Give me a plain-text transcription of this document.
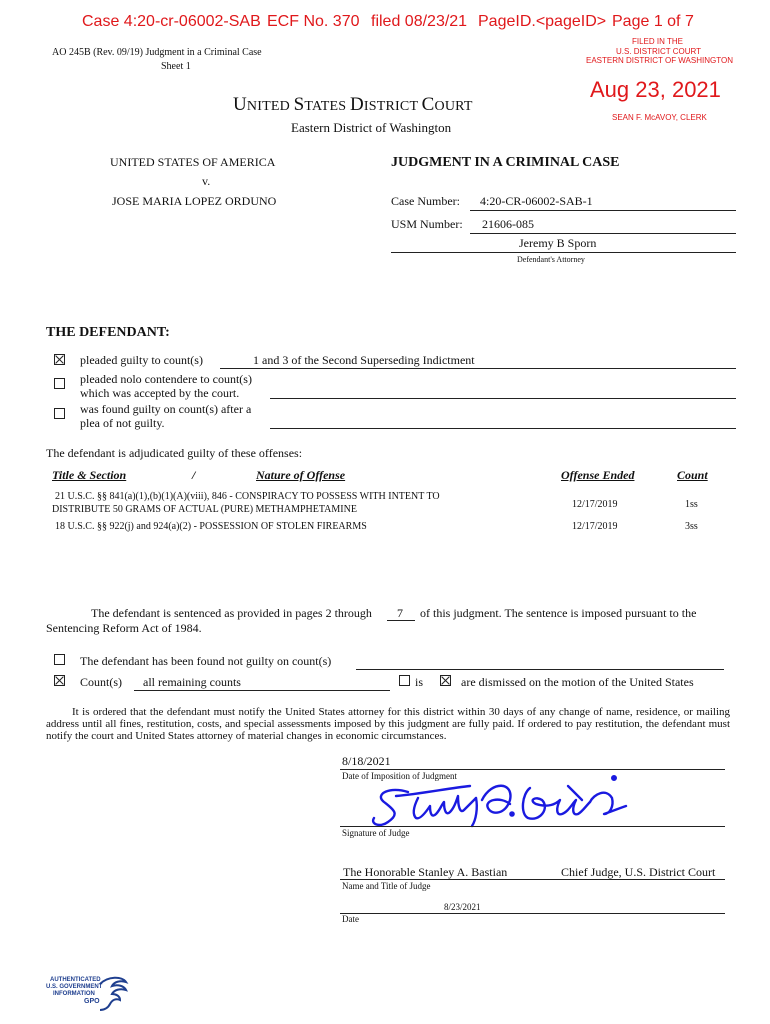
Case 4:20-cr-06002-SAB ECF No. 370 filed 08/23/21 PageID.<pageID> Page 1 of 7
FILED IN THE
U.S. DISTRICT COURT
EASTERN DISTRICT OF WASHINGTON
Aug 23, 2021
SEAN F. McAVOY, CLERK
AO 245B (Rev. 09/19) Judgment in a Criminal Case
Sheet 1
UNITED STATES DISTRICT COURT
Eastern District of Washington
UNITED STATES OF AMERICA
v.
JOSE MARIA LOPEZ ORDUNO
JUDGMENT IN A CRIMINAL CASE
Case Number: 4:20-CR-06002-SAB-1
USM Number: 21606-085
Jeremy B Sporn
Defendant's Attorney
THE DEFENDANT:
pleaded guilty to count(s)	1 and 3 of the Second Superseding Indictment
pleaded nolo contendere to count(s)
which was accepted by the court.
was found guilty on count(s) after a
plea of not guilty.
The defendant is adjudicated guilty of these offenses:
Title & Section	/	Nature of Offense	Offense Ended	Count
21 U.S.C. §§ 841(a)(1),(b)(1)(A)(viii), 846 - CONSPIRACY TO POSSESS WITH INTENT TO
DISTRIBUTE 50 GRAMS OF ACTUAL (PURE) METHAMPHETAMINE	12/17/2019	1ss
18 U.S.C. §§ 922(j) and 924(a)(2) - POSSESSION OF STOLEN FIREARMS	12/17/2019	3ss
The defendant is sentenced as provided in pages 2 through 7 of this judgment. The sentence is imposed pursuant to the
Sentencing Reform Act of 1984.
The defendant has been found not guilty on count(s)
Count(s) all remaining counts	is	are dismissed on the motion of the United States
It is ordered that the defendant must notify the United States attorney for this district within 30 days of any change of name, residence, or mailing address until all fines, restitution, costs, and special assessments imposed by this judgment are fully paid. If ordered to pay restitution, the defendant must notify the court and United States attorney of material changes in economic circumstances.
8/18/2021
Date of Imposition of Judgment
Signature of Judge
The Honorable Stanley A. Bastian	Chief Judge, U.S. District Court
Name and Title of Judge
8/23/2021
Date
AUTHENTICATED
U.S. GOVERNMENT
INFORMATION
GPO
